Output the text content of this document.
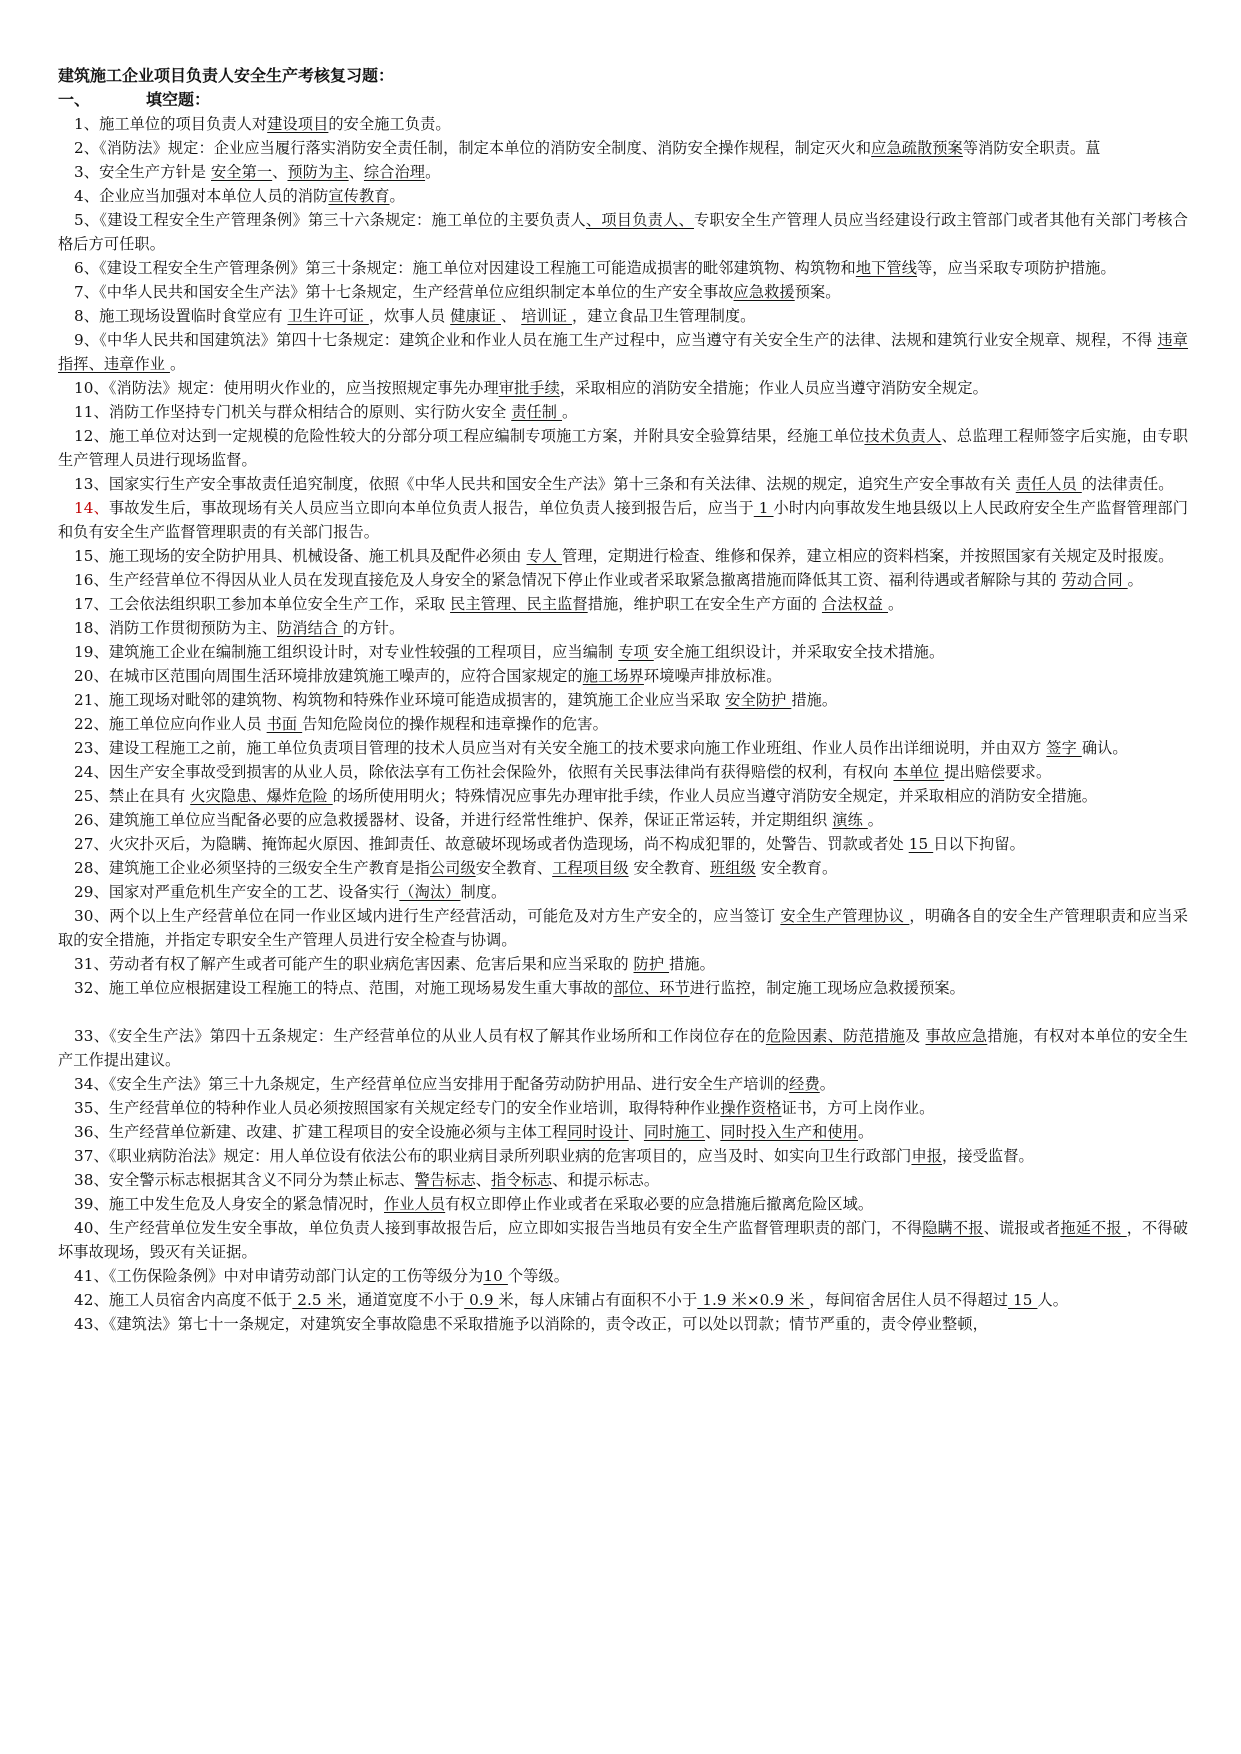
建筑施工企业项目负责人安全生产考核复习题：

一、	填空题：

1、施工单位的项目负责人对建设项目的安全施工负责。

2、《消防法》规定：企业应当履行落实消防安全责任制，制定本单位的消防安全制度、消防安全操作规程，制定灭火和应急疏散预案等消防安全职责。蒀

3、安全生产方针是 安全第一、预防为主、综合治理。

4、企业应当加强对本单位人员的消防宣传教育。

5、《建设工程安全生产管理条例》第三十六条规定：施工单位的主要负责人、项目负责人、专职安全生产管理人员应当经建设行政主管部门或者其他有关部门考核合格后方可任职。

6、《建设工程安全生产管理条例》第三十条规定：施工单位对因建设工程施工可能造成损害的毗邻建筑物、构筑物和地下管线等，应当采取专项防护措施。

7、《中华人民共和国安全生产法》第十七条规定，生产经营单位应组织制定本单位的生产安全事故应急救援预案。

8、施工现场设置临时食堂应有 卫生许可证 ，炊事人员 健康证 、 培训证 ，建立食品卫生管理制度。

9、《中华人民共和国建筑法》第四十七条规定：建筑企业和作业人员在施工生产过程中，应当遵守有关安全生产的法律、法规和建筑行业安全规章、规程，不得 违章指挥、违章作业 。

10、《消防法》规定：使用明火作业的，应当按照规定事先办理审批手续，采取相应的消防安全措施；作业人员应当遵守消防安全规定。

11、消防工作坚持专门机关与群众相结合的原则、实行防火安全 责任制 。

12、施工单位对达到一定规模的危险性较大的分部分项工程应编制专项施工方案，并附具安全验算结果，经施工单位技术负责人、总监理工程师签字后实施，由专职生产管理人员进行现场监督。

13、国家实行生产安全事故责任追究制度，依照《中华人民共和国安全生产法》第十三条和有关法律、法规的规定，追究生产安全事故有关 责任人员 的法律责任。

14、事故发生后，事故现场有关人员应当立即向本单位负责人报告，单位负责人接到报告后，应当于 1 小时内向事故发生地县级以上人民政府安全生产监督管理部门和负有安全生产监督管理职责的有关部门报告。

15、施工现场的安全防护用具、机械设备、施工机具及配件必须由 专人 管理，定期进行检查、维修和保养，建立相应的资料档案，并按照国家有关规定及时报废。

16、生产经营单位不得因从业人员在发现直接危及人身安全的紧急情况下停止作业或者采取紧急撤离措施而降低其工资、福利待遇或者解除与其的 劳动合同 。

17、工会依法组织职工参加本单位安全生产工作，采取 民主管理、民主监督措施，维护职工在安全生产方面的 合法权益 。

18、消防工作贯彻预防为主、防消结合 的方针。

19、建筑施工企业在编制施工组织设计时，对专业性较强的工程项目，应当编制 专项 安全施工组织设计，并采取安全技术措施。

20、在城市区范围向周围生活环境排放建筑施工噪声的，应符合国家规定的施工场界环境噪声排放标准。

21、施工现场对毗邻的建筑物、构筑物和特殊作业环境可能造成损害的，建筑施工企业应当采取 安全防护 措施。

22、施工单位应向作业人员 书面 告知危险岗位的操作规程和违章操作的危害。

23、建设工程施工之前，施工单位负责项目管理的技术人员应当对有关安全施工的技术要求向施工作业班组、作业人员作出详细说明，并由双方 签字 确认。

24、因生产安全事故受到损害的从业人员，除依法享有工伤社会保险外，依照有关民事法律尚有获得赔偿的权利，有权向 本单位 提出赔偿要求。

25、禁止在具有 火灾隐患、爆炸危险 的场所使用明火；特殊情况应事先办理审批手续，作业人员应当遵守消防安全规定，并采取相应的消防安全措施。

26、建筑施工单位应当配备必要的应急救援器材、设备，并进行经常性维护、保养，保证正常运转，并定期组织 演练 。

27、火灾扑灭后，为隐瞒、掩饰起火原因、推卸责任、故意破坏现场或者伪造现场，尚不构成犯罪的，处警告、罚款或者处 15 日以下拘留。

28、建筑施工企业必须坚持的三级安全生产教育是指公司级安全教育、工程项目级 安全教育、班组级 安全教育。

29、国家对严重危机生产安全的工艺、设备实行（淘汰）制度。

30、两个以上生产经营单位在同一作业区域内进行生产经营活动，可能危及对方生产安全的，应当签订 安全生产管理协议 ，明确各自的安全生产管理职责和应当采取的安全措施，并指定专职安全生产管理人员进行安全检查与协调。

31、劳动者有权了解产生或者可能产生的职业病危害因素、危害后果和应当采取的 防护 措施。

32、施工单位应根据建设工程施工的特点、范围，对施工现场易发生重大事故的部位、环节进行监控，制定施工现场应急救援预案。

33、《安全生产法》第四十五条规定：生产经营单位的从业人员有权了解其作业场所和工作岗位存在的危险因素、防范措施及 事故应急措施，有权对本单位的安全生产工作提出建议。

34、《安全生产法》第三十九条规定，生产经营单位应当安排用于配备劳动防护用品、进行安全生产培训的经费。

35、生产经营单位的特种作业人员必须按照国家有关规定经专门的安全作业培训，取得特种作业操作资格证书，方可上岗作业。

36、生产经营单位新建、改建、扩建工程项目的安全设施必须与主体工程同时设计、同时施工、同时投入生产和使用。

37、《职业病防治法》规定：用人单位设有依法公布的职业病目录所列职业病的危害项目的，应当及时、如实向卫生行政部门申报，接受监督。

38、安全警示标志根据其含义不同分为禁止标志、警告标志、指令标志、和提示标志。

39、施工中发生危及人身安全的紧急情况时，作业人员有权立即停止作业或者在采取必要的应急措施后撤离危险区域。

40、生产经营单位发生安全事故，单位负责人接到事故报告后，应立即如实报告当地员有安全生产监督管理职责的部门，不得隐瞒不报、谎报或者拖延不报 ，不得破坏事故现场，毁灭有关证据。

41、《工伤保险条例》中对申请劳动部门认定的工伤等级分为10 个等级。

42、施工人员宿舍内高度不低于 2.5 米，通道宽度不小于 0.9 米，每人床铺占有面积不小于 1.9 米×0.9 米 ，每间宿舍居住人员不得超过 15 人。

43、《建筑法》第七十一条规定，对建筑安全事故隐患不采取措施予以消除的，责令改正，可以处以罚款；情节严重的，责令停业整顿，
